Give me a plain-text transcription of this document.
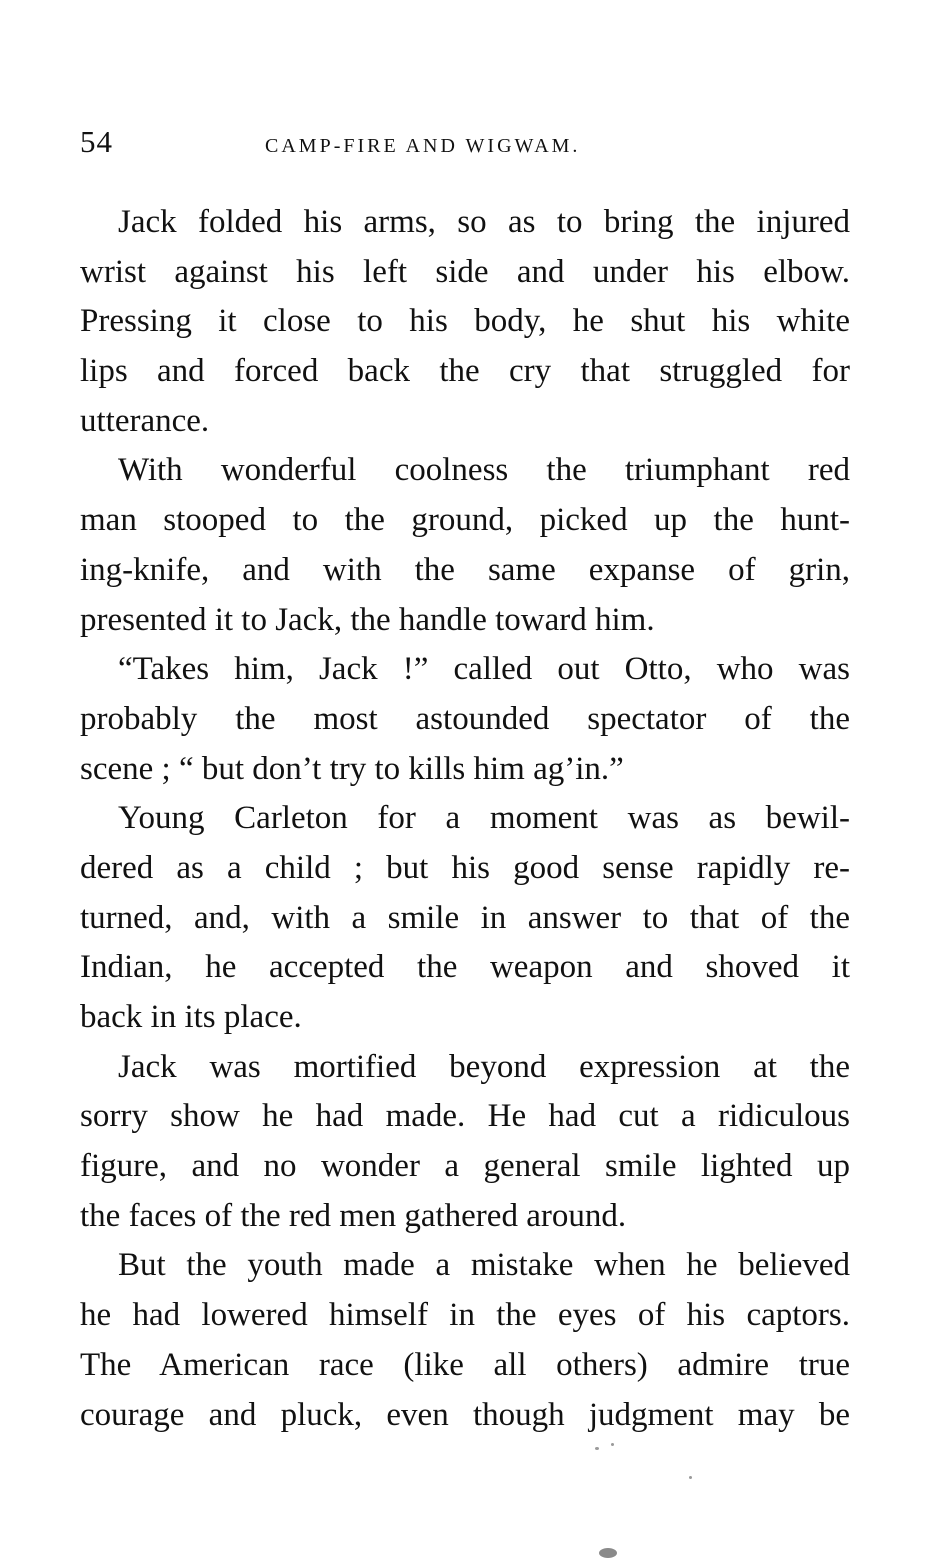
54	CAMP-FIRE AND WIGWAM.
Jack folded his arms, so as to bring the injured
wrist against his left side and under his elbow.
Pressing it close to his body, he shut his white
lips and forced back the cry that struggled for
utterance.
With wonderful coolness the triumphant red
man stooped to the ground, picked up the hunt-
ing-knife, and with the same expanse of grin,
presented it to Jack, the handle toward him.
“Takes him, Jack !” called out Otto, who was
probably the most astounded spectator of the
scene ; “ but don’t try to kills him ag’in.”
Young Carleton for a moment was as bewil-
dered as a child ; but his good sense rapidly re-
turned, and, with a smile in answer to that of the
Indian, he accepted the weapon and shoved it
back in its place.
Jack was mortified beyond expression at the
sorry show he had made. He had cut a ridiculous
figure, and no wonder a general smile lighted up
the faces of the red men gathered around.
But the youth made a mistake when he believed
he had lowered himself in the eyes of his captors.
The American race (like all others) admire true
courage and pluck, even though judgment may be
